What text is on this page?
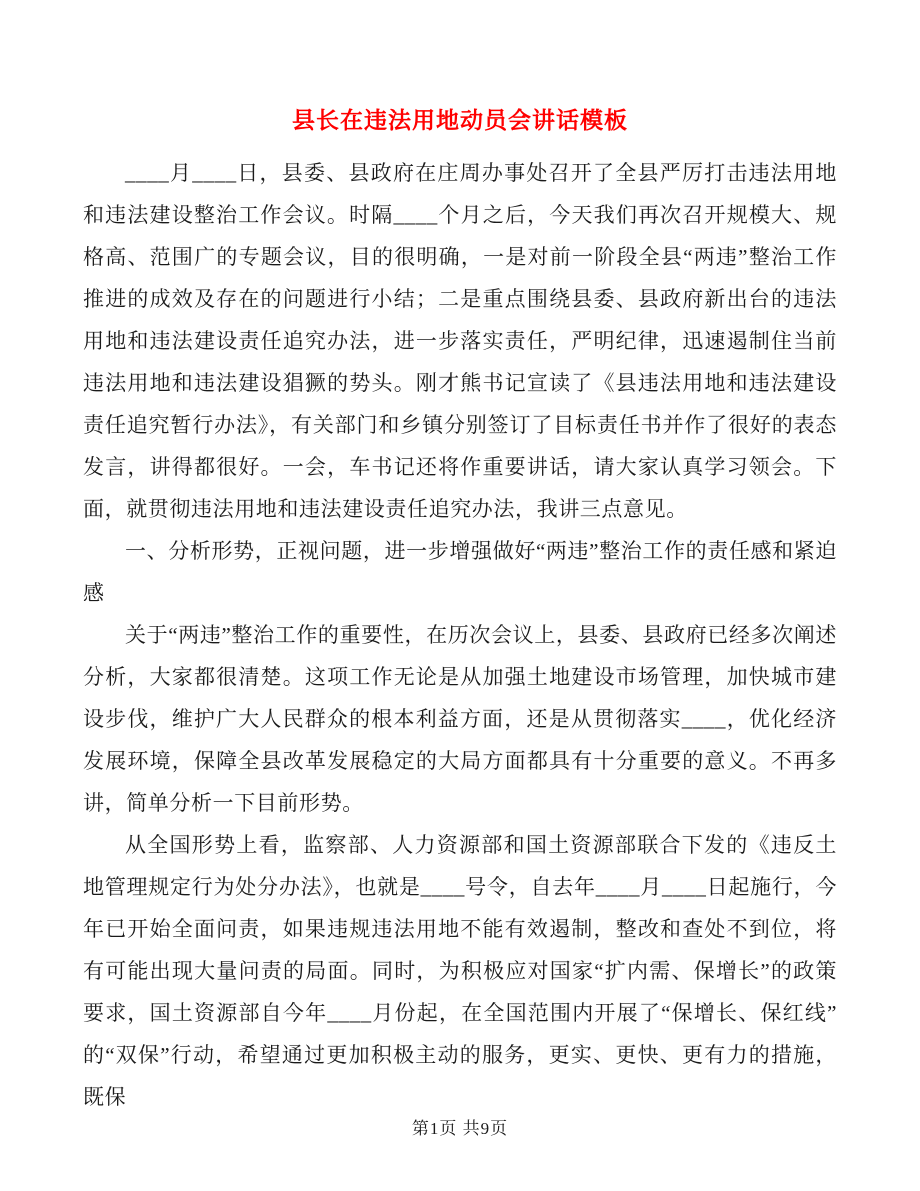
县长在违法用地动员会讲话模板

____月____日，县委、县政府在庄周办事处召开了全县严厉打击违法用地和违法建设整治工作会议。时隔____个月之后，今天我们再次召开规模大、规格高、范围广的专题会议，目的很明确，一是对前一阶段全县“两违”整治工作推进的成效及存在的问题进行小结；二是重点围绕县委、县政府新出台的违法用地和违法建设责任追究办法，进一步落实责任，严明纪律，迅速遏制住当前违法用地和违法建设猖獗的势头。刚才熊书记宣读了《县违法用地和违法建设责任追究暂行办法》，有关部门和乡镇分别签订了目标责任书并作了很好的表态发言，讲得都很好。一会，车书记还将作重要讲话，请大家认真学习领会。下面，就贯彻违法用地和违法建设责任追究办法，我讲三点意见。

一、分析形势，正视问题，进一步增强做好“两违”整治工作的责任感和紧迫感

关于“两违”整治工作的重要性，在历次会议上，县委、县政府已经多次阐述分析，大家都很清楚。这项工作无论是从加强土地建设市场管理，加快城市建设步伐，维护广大人民群众的根本利益方面，还是从贯彻落实____，优化经济发展环境，保障全县改革发展稳定的大局方面都具有十分重要的意义。不再多讲，简单分析一下目前形势。

从全国形势上看，监察部、人力资源部和国土资源部联合下发的《违反土地管理规定行为处分办法》，也就是____号令，自去年____月____日起施行，今年已开始全面问责，如果违规违法用地不能有效遏制，整改和查处不到位，将有可能出现大量问责的局面。同时，为积极应对国家“扩内需、保增长”的政策要求，国土资源部自今年____月份起，在全国范围内开展了“保增长、保红线”的“双保”行动，希望通过更加积极主动的服务，更实、更快、更有力的措施，既保

第1页 共9页
